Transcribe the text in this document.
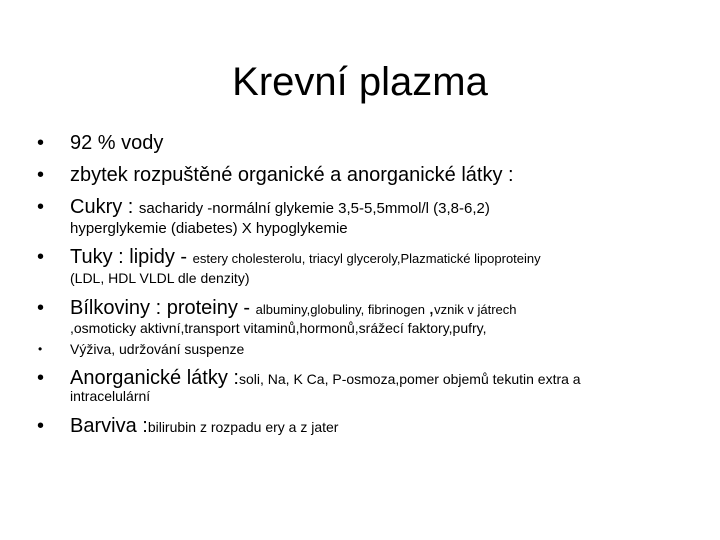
Krevní plazma
• 92 % vody
• zbytek rozpuštěné organické a anorganické látky :
• Cukry : sacharidy -normální glykemie 3,5-5,5mmol/l (3,8-6,2)
hyperglykemie (diabetes) X hypoglykemie
• Tuky : lipidy - estery cholesterolu, triacyl glyceroly,Plazmatické lipoproteiny
(LDL, HDL VLDL dle denzity)
• Bílkoviny : proteiny - albuminy,globuliny, fibrinogen ,vznik v játrech
,osmoticky aktivní,transport vitaminů,hormonů,srážecí faktory,pufry,
• Výživa, udržování suspenze
• Anorganické látky :soli, Na, K Ca, P-osmoza,pomer objemů tekutin extra a
intracelulární
• Barviva :bilirubin z rozpadu ery a z jater
